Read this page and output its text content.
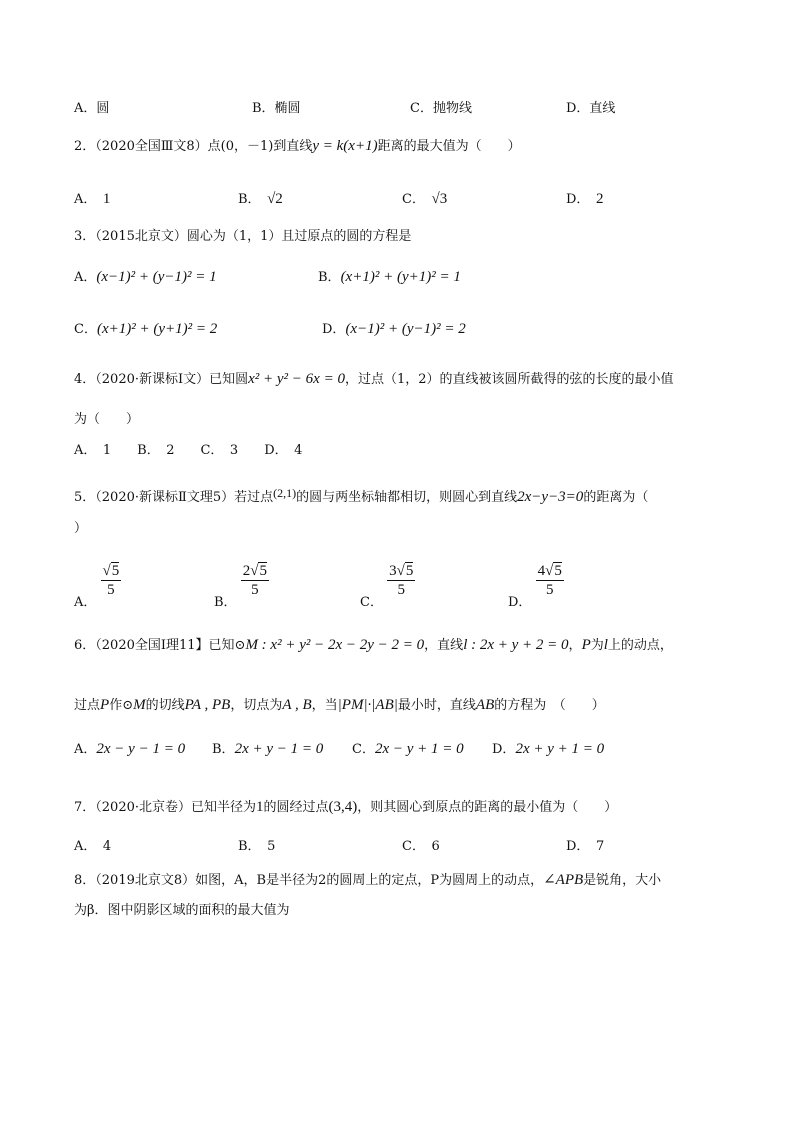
A．圆	B．椭圆	C．抛物线	D．直线
2．（2020全国Ⅲ文8）点(0，－1)到直线y = k(x+1)距离的最大值为（　　）
A．　 1	B．　 √2	C．　 √3	D．　 2
3．（2015北京文）圆心为（1，1）且过原点的圆的方程是
A．(x−1)² + (y−1)² = 1	B．(x+1)² + (y+1)² = 1
C．(x+1)² + (y+1)² = 2	D．(x−1)² + (y−1)² = 2
4．（2020·新课标Ⅰ文）已知圆x² + y² − 6x = 0，过点（1，2）的直线被该圆所截得的弦的长度的最小值
为（　　）
A．　1　　B．　2　　C．　3　　D．　4
5．（2020·新课标Ⅱ文理5）若过点(2,1)的圆与两坐标轴都相切，则圆心到直线2x−y−3=0的距离为（
）
A．
$\frac{√5}{5}$
B．
$\frac{2√5}{5}$
C．
$\frac{3√5}{5}$
D．
$\frac{4√5}{5}$
6．（2020全国Ⅰ理11】已知⊙M : x² + y² − 2x − 2y − 2 = 0，直线l : 2x + y + 2 = 0，P为l上的动点，
过点P作⊙M的切线PA , PB，切点为A , B，当|PM|·|AB|最小时，直线AB的方程为　（　　）
A．2x − y − 1 = 0 B．2x + y − 1 = 0 C．2x − y + 1 = 0 D．2x + y + 1 = 0
7．（2020·北京卷）已知半径为1的圆经过点(3,4)，则其圆心到原点的距离的最小值为（　　）
A．　 4	B．　 5	C．　 6	D．　 7
8．（2019北京文8）如图，A，B是半径为2的圆周上的定点，P为圆周上的动点，∠APB是锐角，大小
为β．图中阴影区域的面积的最大值为
